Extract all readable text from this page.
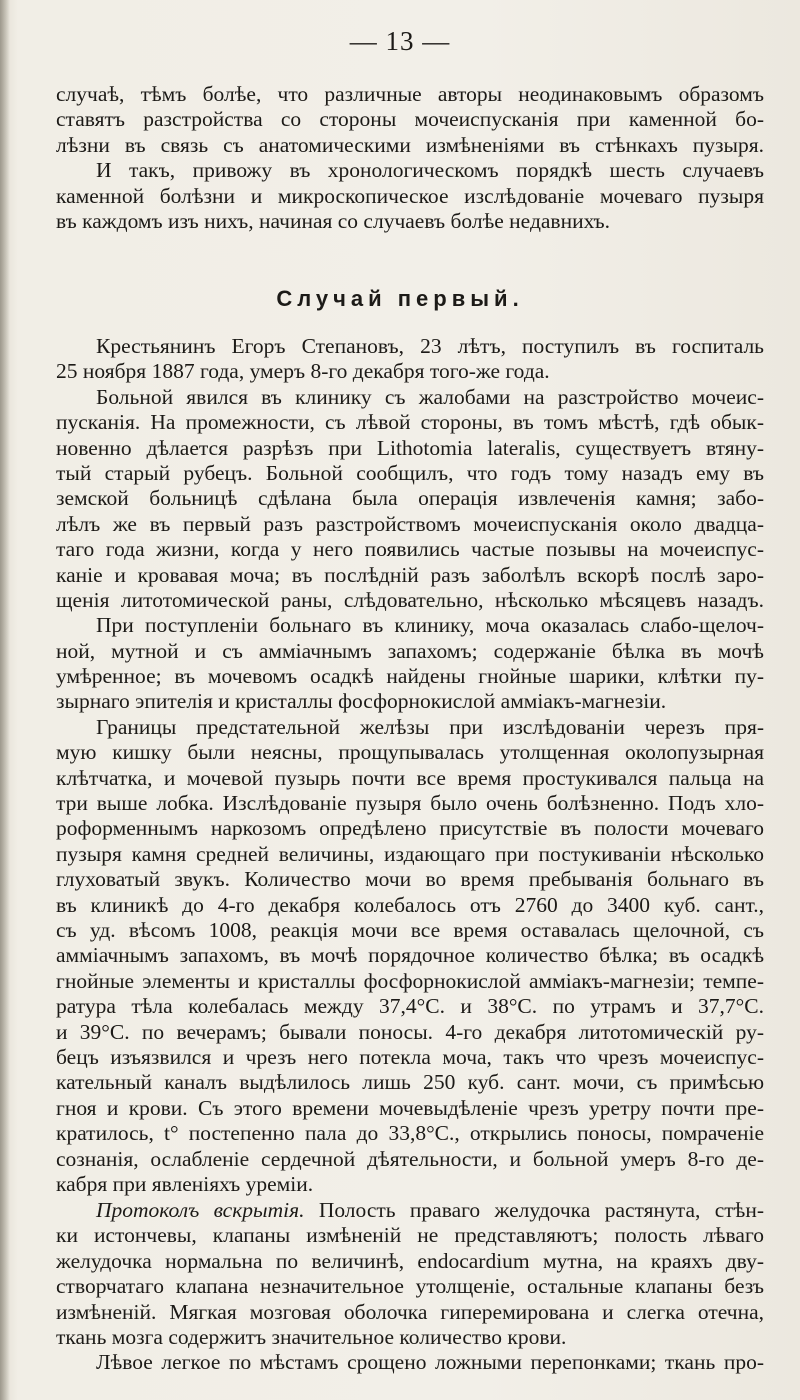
— 13 —
случаѣ, тѣмъ болѣе, что различные авторы неодинаковымъ образомъ
ставятъ разстройства со стороны мочеиспусканія при каменной бо-
лѣзни въ связь съ анатомическими измѣненіями въ стѣнкахъ пузыря.
И такъ, привожу въ хронологическомъ порядкѣ шесть случаевъ
каменной болѣзни и микроскопическое изслѣдованіе мочеваго пузыря
въ каждомъ изъ нихъ, начиная со случаевъ болѣе недавнихъ.
Случай первый.
Крестьянинъ Егоръ Степановъ, 23 лѣтъ, поступилъ въ госпиталь
25 ноября 1887 года, умеръ 8-го декабря того-же года.
Больной явился въ клинику съ жалобами на разстройство мочеис-
пусканія. На промежности, съ лѣвой стороны, въ томъ мѣстѣ, гдѣ обык-
новенно дѣлается разрѣзъ при Lithotomia lateralis, существуетъ втяну-
тый старый рубецъ. Больной сообщилъ, что годъ тому назадъ ему въ
земской больницѣ сдѣлана была операція извлеченія камня; забо-
лѣлъ же въ первый разъ разстройствомъ мочеиспусканія около двадца-
таго года жизни, когда у него появились частые позывы на мочеиспус-
каніе и кровавая моча; въ послѣдній разъ заболѣлъ вскорѣ послѣ заро-
щенія литотомической раны, слѣдовательно, нѣсколько мѣсяцевъ назадъ.
При поступленіи больнаго въ клинику, моча оказалась слабо-щелоч-
ной, мутной и съ амміачнымъ запахомъ; содержаніе бѣлка въ мочѣ
умѣренное; въ мочевомъ осадкѣ найдены гнойные шарики, клѣтки пу-
зырнаго эпителія и кристаллы фосфорнокислой амміакъ-магнезіи.
Границы предстательной желѣзы при изслѣдованіи черезъ пря-
мую кишку были неясны, прощупывалась утолщенная околопузырная
клѣтчатка, и мочевой пузырь почти все время простукивался пальца на
три выше лобка. Изслѣдованіе пузыря было очень болѣзненно. Подъ хло-
роформеннымъ наркозомъ опредѣлено присутствіе въ полости мочеваго
пузыря камня средней величины, издающаго при постукиваніи нѣсколько
глуховатый звукъ. Количество мочи во время пребыванія больнаго въ
въ клиникѣ до 4-го декабря колебалось отъ 2760 до 3400 куб. сант.,
съ уд. вѣсомъ 1008, реакція мочи все время оставалась щелочной, съ
амміачнымъ запахомъ, въ мочѣ порядочное количество бѣлка; въ осадкѣ
гнойные элементы и кристаллы фосфорнокислой амміакъ-магнезіи; темпе-
ратура тѣла колебалась между 37,4°С. и 38°С. по утрамъ и 37,7°С.
и 39°С. по вечерамъ; бывали поносы. 4-го декабря литотомическій ру-
бецъ изъязвился и чрезъ него потекла моча, такъ что чрезъ мочеиспус-
кательный каналъ выдѣлилось лишь 250 куб. сант. мочи, съ примѣсью
гноя и крови. Съ этого времени мочевыдѣленіе чрезъ уретру почти пре-
кратилось, t° постепенно пала до 33,8°С., открылись поносы, помраченіе
сознанія, ослабленіе сердечной дѣятельности, и больной умеръ 8-го де-
кабря при явленіяхъ уреміи.
Протоколъ вскрытія. Полость праваго желудочка растянута, стѣн-
ки истончевы, клапаны измѣненій не представляютъ; полость лѣваго
желудочка нормальна по величинѣ, endocardium мутна, на краяхъ дву-
створчатаго клапана незначительное утолщеніе, остальные клапаны безъ
измѣненій. Мягкая мозговая оболочка гиперемирована и слегка отечна,
ткань мозга содержитъ значительное количество крови.
Лѣвое легкое по мѣстамъ срощено ложными перепонками; ткань про-
